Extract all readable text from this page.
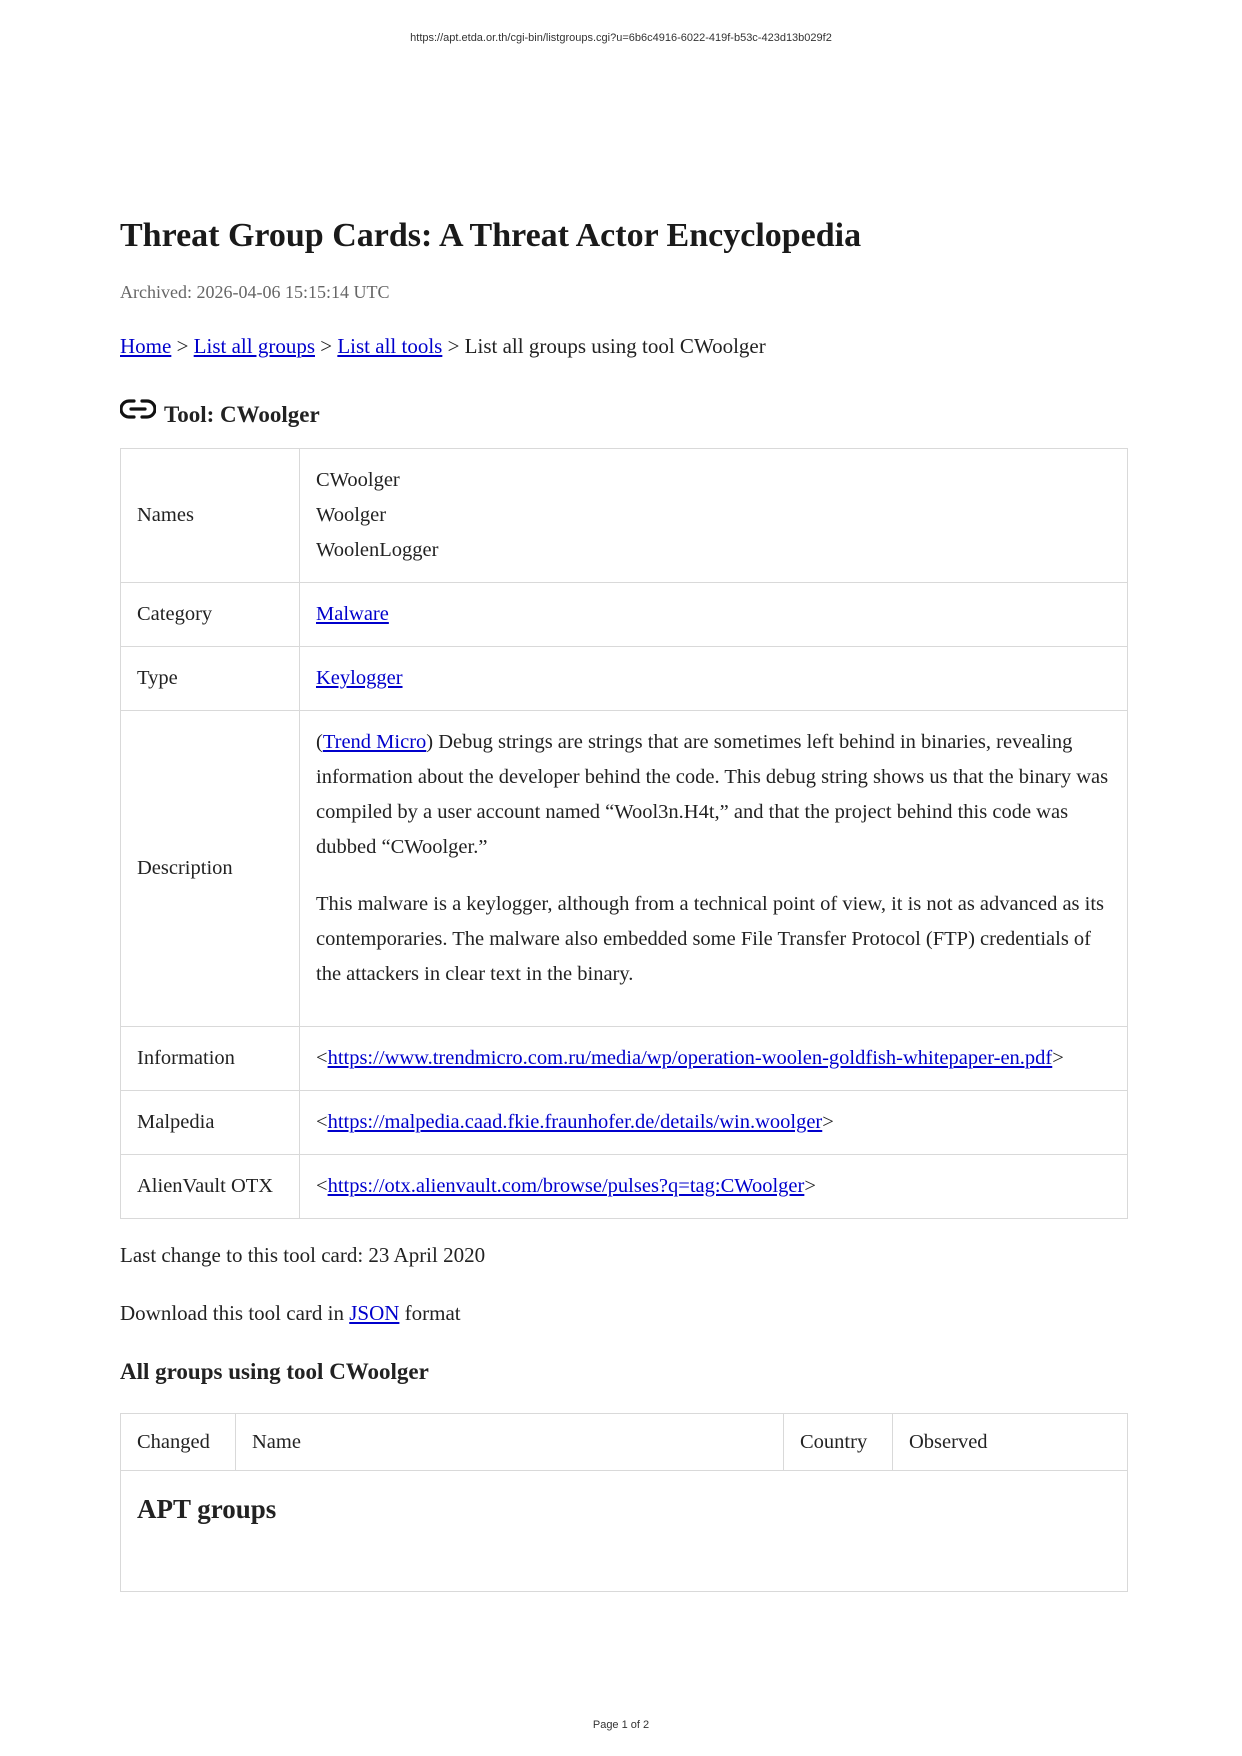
https://apt.etda.or.th/cgi-bin/listgroups.cgi?u=6b6c4916-6022-419f-b53c-423d13b029f2
Threat Group Cards: A Threat Actor Encyclopedia
Archived: 2026-04-06 15:15:14 UTC
Home > List all groups > List all tools > List all groups using tool CWoolger
Tool: CWoolger
Names	CWoolger
Woolger
WoolenLogger

Category	Malware
Type	Keylogger
Description	(Trend Micro) Debug strings are strings that are sometimes left behind in binaries, revealing information about the developer behind the code. This debug string shows us that the binary was compiled by a user account named “Wool3n.H4t,” and that the project behind this code was dubbed “CWoolger.”

This malware is a keylogger, although from a technical point of view, it is not as advanced as its contemporaries. The malware also embedded some File Transfer Protocol (FTP) credentials of the attackers in clear text in the binary.

Information	<https://www.trendmicro.com.ru/media/wp/operation-woolen-goldfish-whitepaper-en.pdf>
Malpedia	<https://malpedia.caad.fkie.fraunhofer.de/details/win.woolger>
AlienVault OTX	<https://otx.alienvault.com/browse/pulses?q=tag:CWoolger>
Last change to this tool card: 23 April 2020
Download this tool card in JSON format
All groups using tool CWoolger
Changed	Name	Country	Observed
APT groups
Page 1 of 2
